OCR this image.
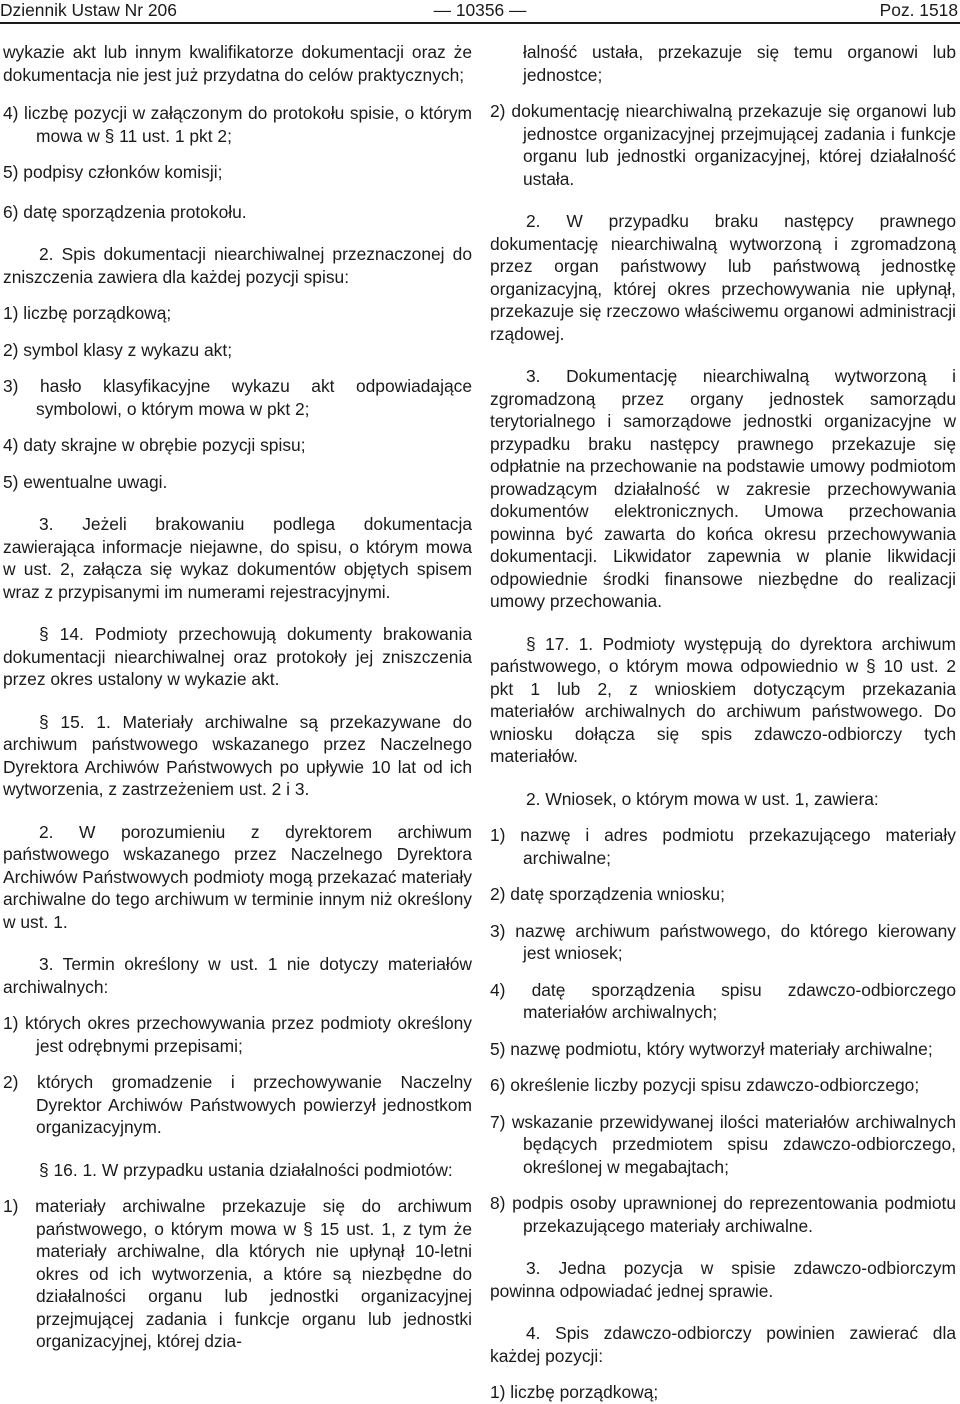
Dziennik Ustaw Nr 206	— 10356 —	Poz. 1518

wykazie akt lub innym kwalifikatorze dokumentacji oraz że dokumentacja nie jest już przydatna do celów praktycznych;

4) liczbę pozycji w załączonym do protokołu spisie, o którym mowa w § 11 ust. 1 pkt 2;

5) podpisy członków komisji;

6) datę sporządzenia protokołu.

2. Spis dokumentacji niearchiwalnej przeznaczonej do zniszczenia zawiera dla każdej pozycji spisu:

1) liczbę porządkową;

2) symbol klasy z wykazu akt;

3) hasło klasyfikacyjne wykazu akt odpowiadające symbolowi, o którym mowa w pkt 2;

4) daty skrajne w obrębie pozycji spisu;

5) ewentualne uwagi.

3. Jeżeli brakowaniu podlega dokumentacja zawierająca informacje niejawne, do spisu, o którym mowa w ust. 2, załącza się wykaz dokumentów objętych spisem wraz z przypisanymi im numerami rejestracyjnymi.

§ 14. Podmioty przechowują dokumenty brakowania dokumentacji niearchiwalnej oraz protokoły jej zniszczenia przez okres ustalony w wykazie akt.

§ 15. 1. Materiały archiwalne są przekazywane do archiwum państwowego wskazanego przez Naczelnego Dyrektora Archiwów Państwowych po upływie 10 lat od ich wytworzenia, z zastrzeżeniem ust. 2 i 3.

2. W porozumieniu z dyrektorem archiwum państwowego wskazanego przez Naczelnego Dyrektora Archiwów Państwowych podmioty mogą przekazać materiały archiwalne do tego archiwum w terminie innym niż określony w ust. 1.

3. Termin określony w ust. 1 nie dotyczy materiałów archiwalnych:

1) których okres przechowywania przez podmioty określony jest odrębnymi przepisami;

2) których gromadzenie i przechowywanie Naczelny Dyrektor Archiwów Państwowych powierzył jednostkom organizacyjnym.

§ 16. 1. W przypadku ustania działalności podmiotów:

1) materiały archiwalne przekazuje się do archiwum państwowego, o którym mowa w § 15 ust. 1, z tym że materiały archiwalne, dla których nie upłynął 10-letni okres od ich wytworzenia, a które są niezbędne do działalności organu lub jednostki organizacyjnej przejmującej zadania i funkcje organu lub jednostki organizacyjnej, której dzia-

łalność ustała, przekazuje się temu organowi lub jednostce;

2) dokumentację niearchiwalną przekazuje się organowi lub jednostce organizacyjnej przejmującej zadania i funkcje organu lub jednostki organizacyjnej, której działalność ustała.

2. W przypadku braku następcy prawnego dokumentację niearchiwalną wytworzoną i zgromadzoną przez organ państwowy lub państwową jednostkę organizacyjną, której okres przechowywania nie upłynął, przekazuje się rzeczowo właściwemu organowi administracji rządowej.

3. Dokumentację niearchiwalną wytworzoną i zgromadzoną przez organy jednostek samorządu terytorialnego i samorządowe jednostki organizacyjne w przypadku braku następcy prawnego przekazuje się odpłatnie na przechowanie na podstawie umowy podmiotom prowadzącym działalność w zakresie przechowywania dokumentów elektronicznych. Umowa przechowania powinna być zawarta do końca okresu przechowywania dokumentacji. Likwidator zapewnia w planie likwidacji odpowiednie środki finansowe niezbędne do realizacji umowy przechowania.

§ 17. 1. Podmioty występują do dyrektora archiwum państwowego, o którym mowa odpowiednio w § 10 ust. 2 pkt 1 lub 2, z wnioskiem dotyczącym przekazania materiałów archiwalnych do archiwum państwowego. Do wniosku dołącza się spis zdawczo-odbiorczy tych materiałów.

2. Wniosek, o którym mowa w ust. 1, zawiera:

1) nazwę i adres podmiotu przekazującego materiały archiwalne;

2) datę sporządzenia wniosku;

3) nazwę archiwum państwowego, do którego kierowany jest wniosek;

4) datę sporządzenia spisu zdawczo-odbiorczego materiałów archiwalnych;

5) nazwę podmiotu, który wytworzył materiały archiwalne;

6) określenie liczby pozycji spisu zdawczo-odbiorczego;

7) wskazanie przewidywanej ilości materiałów archiwalnych będących przedmiotem spisu zdawczo-odbiorczego, określonej w megabajtach;

8) podpis osoby uprawnionej do reprezentowania podmiotu przekazującego materiały archiwalne.

3. Jedna pozycja w spisie zdawczo-odbiorczym powinna odpowiadać jednej sprawie.

4. Spis zdawczo-odbiorczy powinien zawierać dla każdej pozycji:

1) liczbę porządkową;
